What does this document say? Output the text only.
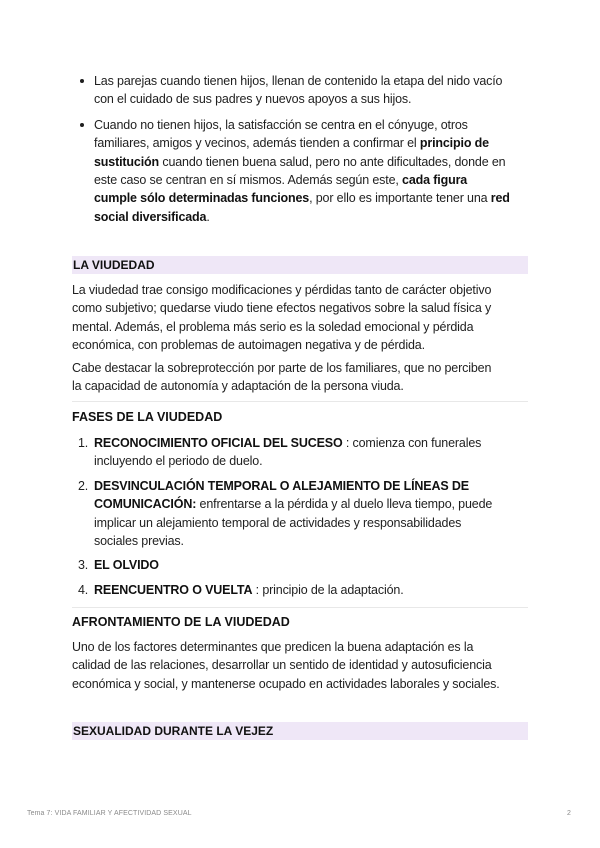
Las parejas cuando tienen hijos, llenan de contenido la etapa del nido vacío
con el cuidado de sus padres y nuevos apoyos a sus hijos.
Cuando no tienen hijos, la satisfacción se centra en el cónyuge, otros
familiares, amigos y vecinos, además tienden a confirmar el principio de
sustitución cuando tienen buena salud, pero no ante dificultades, donde en
este caso se centran en sí mismos. Además según este, cada figura
cumple sólo determinadas funciones, por ello es importante tener una red
social diversificada.
LA VIUDEDAD
La viudedad trae consigo modificaciones y pérdidas tanto de carácter objetivo
como subjetivo; quedarse viudo tiene efectos negativos sobre la salud física y
mental. Además, el problema más serio es la soledad emocional y pérdida
económica, con problemas de autoimagen negativa y de pérdida.
Cabe destacar la sobreprotección por parte de los familiares, que no perciben
la capacidad de autonomía y adaptación de la persona viuda.
FASES DE LA VIUDEDAD
1. RECONOCIMIENTO OFICIAL DEL SUCESO : comienza con funerales
incluyendo el periodo de duelo.
2. DESVINCULACIÓN TEMPORAL O ALEJAMIENTO DE LÍNEAS DE
COMUNICACIÓN: enfrentarse a la pérdida y al duelo lleva tiempo, puede
implicar un alejamiento temporal de actividades y responsabilidades
sociales previas.
3. EL OLVIDO
4. REENCUENTRO O VUELTA : principio de la adaptación.
AFRONTAMIENTO DE LA VIUDEDAD
Uno de los factores determinantes que predicen la buena adaptación es la
calidad de las relaciones, desarrollar un sentido de identidad y autosuficiencia
económica y social, y mantenerse ocupado en actividades laborales y sociales.
SEXUALIDAD DURANTE LA VEJEZ
Tema 7: VIDA FAMILIAR Y AFECTIVIDAD SEXUAL	2
